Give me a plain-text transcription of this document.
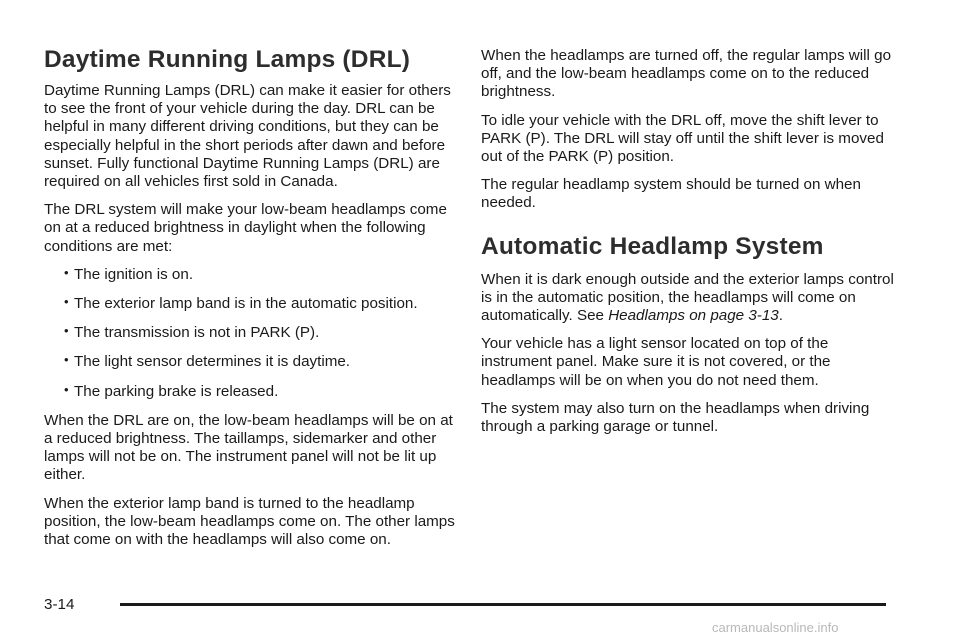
Daytime Running Lamps (DRL)

Daytime Running Lamps (DRL) can make it easier for others to see the front of your vehicle during the day. DRL can be helpful in many different driving conditions, but they can be especially helpful in the short periods after dawn and before sunset. Fully functional Daytime Running Lamps (DRL) are required on all vehicles first sold in Canada.

The DRL system will make your low-beam headlamps come on at a reduced brightness in daylight when the following conditions are met:

• The ignition is on.
• The exterior lamp band is in the automatic position.
• The transmission is not in PARK (P).
• The light sensor determines it is daytime.
• The parking brake is released.

When the DRL are on, the low-beam headlamps will be on at a reduced brightness. The taillamps, sidemarker and other lamps will not be on. The instrument panel will not be lit up either.

When the exterior lamp band is turned to the headlamp position, the low-beam headlamps come on. The other lamps that come on with the headlamps will also come on.

When the headlamps are turned off, the regular lamps will go off, and the low-beam headlamps come on to the reduced brightness.

To idle your vehicle with the DRL off, move the shift lever to PARK (P). The DRL will stay off until the shift lever is moved out of the PARK (P) position.

The regular headlamp system should be turned on when needed.

Automatic Headlamp System

When it is dark enough outside and the exterior lamps control is in the automatic position, the headlamps will come on automatically. See Headlamps on page 3-13.

Your vehicle has a light sensor located on top of the instrument panel. Make sure it is not covered, or the headlamps will be on when you do not need them.

The system may also turn on the headlamps when driving through a parking garage or tunnel.

3-14
carmanualsonline.info
